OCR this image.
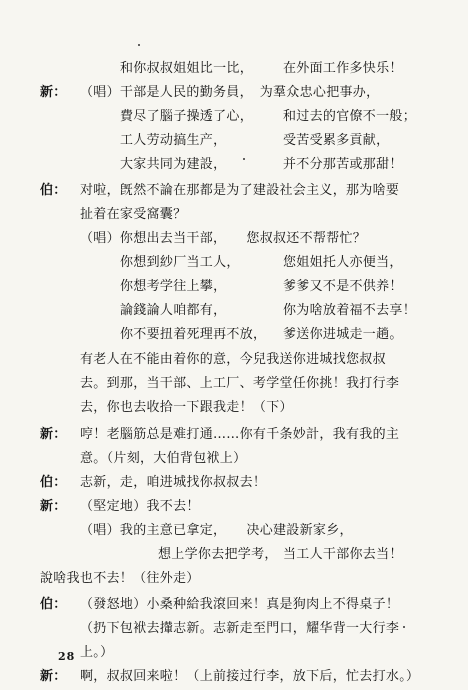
和你叔叔姐姐比一比， 在外面工作多快乐！
新： （唱）干部是人民的勤务員，　为羣众忠心把事办，
費尽了腦子操透了心， 和过去的官僚不一般；
工人劳动搞生产，	受苦受累多貢献，
大家共同为建設，	并不分那苦或那甜！
伯： 对啦，旣然不論在那都是为了建設社会主义，那为啥要
扯着在家受窩囊？
（唱）你想出去当干部，　　您叔叔还不帮帮忙？
你想到紗厂当工人，	您姐姐托人亦便当，
你想考学往上攀，	爹爹又不是不供养！
論錢論人咱都有，	你为啥放着福不去享！
你不要扭着死理再不放， 爹送你进城走一趟。
有老人在不能由着你的意，今兒我送你进城找您叔叔
去。到那，当干部、上工厂、考学堂任你挑！我打行李
去，你也去收拾一下跟我走！（下）
新： 哼！老腦筋总是难打通……你有千条妙計，我有我的主
意。（片刻，大伯背包袱上）
伯： 志新，走，咱进城找你叔叔去！
新： （堅定地）我不去！
（唱）我的主意已拿定，　　决心建設新家乡，
想上学你去把学考， 当工人干部你去当！
說啥我也不去！（往外走）
伯： （發怒地）小桑种給我滾回来！真是狗肉上不得桌子！
（扔下包袱去攆志新。志新走至門口，耀华背一大行李
上。）
新： 啊，叔叔回来啦！（上前接过行李，放下后，忙去打水。）
28
